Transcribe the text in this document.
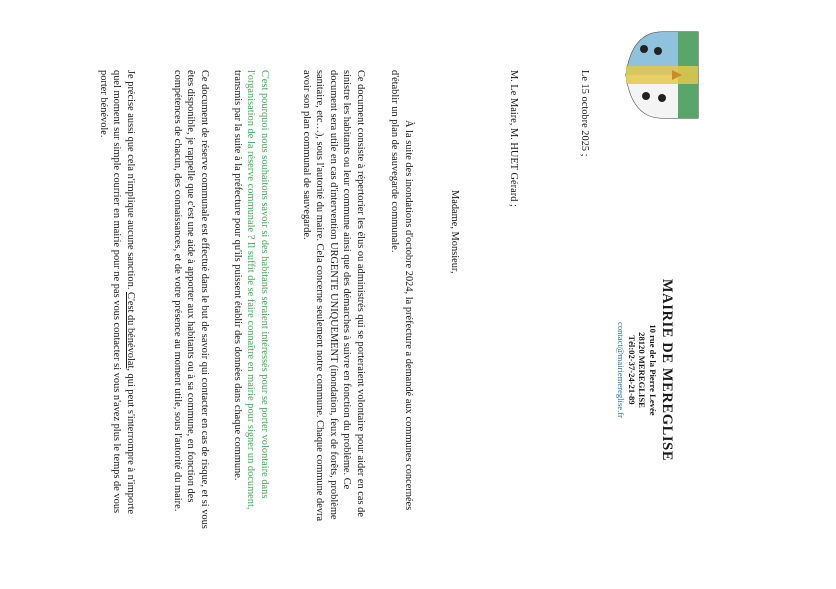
MAIRIE DE MEREGLISE
10 rue de la Pierre Levée
28120 MEREGLISE
Tél:02-37-24-21-89
contact@mairiemereglise.fr
Le 15 octobre 2025 ;
M. Le Maire, M. HUET Gérard ;
Madame, Monsieur,
À la suite des inondations d'octobre 2024, la préfecture a demandé aux communes concernées d'établir un plan de sauvegarde communale.
Ce document consiste à répertorier les élus ou administrés qui se porteraient volontaire pour aider en cas de sinistre les habitants ou leur commune ainsi que des démarches à suivre en fonction du problème. Ce document sera utile en cas d'intervention URGENTE UNIQUEMENT (inondation, feux de forêts, problème sanitaire, etc…), sous l'autorité du maire. Cela concerne seulement notre commune. Chaque commune devra avoir son plan communal de sauvegarde.
C'est pourquoi nous souhaitons savoir si des habitants seraient intéressés pour se porter volontaire dans l'organisation de la réserve communale ? Il suffit de se faire connaître en mairie pour signer un document, transmis par la suite à la préfecture pour qu'ils puissent établir des données dans chaque commune.
Ce document de réserve communale est effectué dans le but de savoir qui contacter en cas de risque, et si vous êtes disponible, je rappelle que c'est une aide à apporter aux habitants ou à sa commune, en fonction des compétences de chacun, des connaissances, et de votre présence au moment utile, sous l'autorité du maire.
Je précise aussi que cela n'implique aucune sanction. C'est du bénévolat, qui peut s'interrompre à n'importe quel moment sur simple courrier en mairie pour ne pas vous contacter si vous n'avez plus le temps de vous porter bénévole.
